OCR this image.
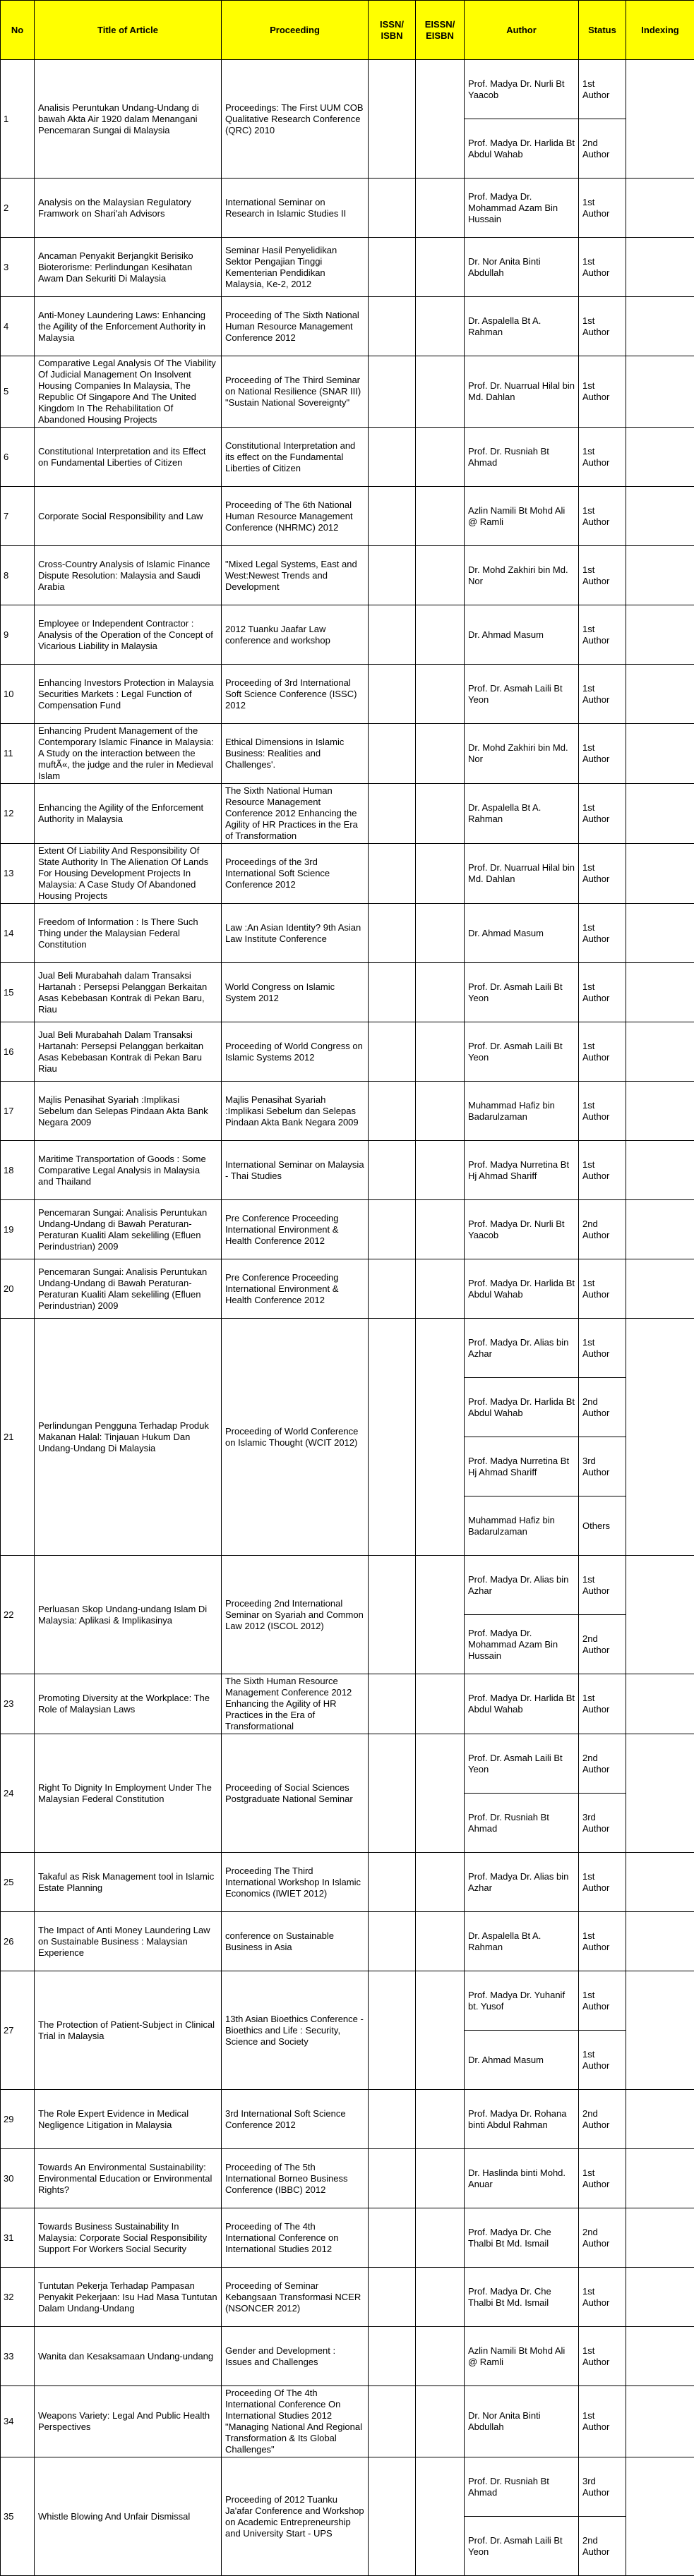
No	Title of Article	Proceeding	ISSN/ ISBN	EISSN/ EISBN	Author	Status	Indexing
1	Analisis Peruntukan Undang-Undang di bawah Akta Air 1920 dalam Menangani Pencemaran Sungai di Malaysia	Proceedings: The First UUM COB Qualitative Research Conference (QRC) 2010			Prof. Madya Dr. Nurli Bt Yaacob	1st Author	
					Prof. Madya Dr. Harlida Bt Abdul Wahab	2nd Author	
2	Analysis on the Malaysian Regulatory Framwork on Shari'ah Advisors	International Seminar on Research in Islamic Studies II			Prof. Madya Dr. Mohammad Azam Bin Hussain	1st Author	
3	Ancaman Penyakit Berjangkit Berisiko Bioterorisme: Perlindungan Kesihatan Awam Dan Sekuriti Di Malaysia	Seminar Hasil Penyelidikan Sektor Pengajian Tinggi Kementerian Pendidikan Malaysia, Ke-2, 2012			Dr. Nor Anita Binti Abdullah	1st Author	
4	Anti-Money Laundering Laws: Enhancing the Agility of the Enforcement Authority in Malaysia	Proceeding of The Sixth National Human Resource Management Conference 2012			Dr. Aspalella Bt A. Rahman	1st Author	
5	Comparative Legal Analysis Of The Viability Of Judicial Management On Insolvent Housing Companies In Malaysia, The Republic Of Singapore And The United Kingdom In The Rehabilitation Of Abandoned Housing Projects	Proceeding of The Third Seminar on National Resilience (SNAR III) "Sustain National Sovereignty"			Prof. Dr. Nuarrual Hilal bin Md. Dahlan	1st Author	
6	Constitutional Interpretation and its Effect on Fundamental Liberties of Citizen	Constitutional Interpretation and its effect on the Fundamental Liberties of Citizen			Prof. Dr. Rusniah Bt Ahmad	1st Author	
7	Corporate Social Responsibility and Law	Proceeding of The 6th National Human Resource Management Conference (NHRMC) 2012			Azlin Namili Bt Mohd Ali @ Ramli	1st Author	
8	Cross-Country Analysis of Islamic Finance Dispute Resolution: Malaysia and Saudi Arabia	"Mixed Legal Systems, East and West:Newest Trends and Development			Dr. Mohd Zakhiri bin Md. Nor	1st Author	
9	Employee or Independent Contractor : Analysis of the Operation of the Concept of Vicarious Liability in Malaysia	2012 Tuanku Jaafar Law conference and workshop			Dr. Ahmad Masum	1st Author	
10	Enhancing Investors Protection in Malaysia Securities Markets : Legal Function of Compensation Fund	Proceeding of 3rd International Soft Science Conference (ISSC) 2012			Prof. Dr. Asmah Laili Bt Yeon	1st Author	
11	Enhancing Prudent Management of the Contemporary Islamic Finance in Malaysia: A Study on the interaction between the muftÃ«, the judge and the ruler in Medieval Islam	Ethical Dimensions in Islamic Business: Realities and Challenges'.			Dr. Mohd Zakhiri bin Md. Nor	1st Author	
12	Enhancing the Agility of the Enforcement Authority in Malaysia	The Sixth National Human Resource Management Conference 2012 Enhancing the Agility of HR Practices in the Era of Transformation			Dr. Aspalella Bt A. Rahman	1st Author	
13	Extent Of Liability And Responsibility Of State Authority In The Alienation Of Lands For Housing Development Projects In Malaysia: A Case Study Of Abandoned Housing Projects	Proceedings of the 3rd International Soft Science Conference 2012			Prof. Dr. Nuarrual Hilal bin Md. Dahlan	1st Author	
14	Freedom of Information : Is There Such Thing under the Malaysian Federal Constitution	Law :An Asian Identity? 9th Asian Law Institute Conference			Dr. Ahmad Masum	1st Author	
15	Jual Beli Murabahah dalam Transaksi Hartanah : Persepsi Pelanggan Berkaitan Asas Kebebasan Kontrak di Pekan Baru, Riau	World Congress on Islamic System 2012			Prof. Dr. Asmah Laili Bt Yeon	1st Author	
16	Jual Beli Murabahah Dalam Transaksi Hartanah: Persepsi Pelanggan berkaitan Asas Kebebasan Kontrak di Pekan Baru Riau	Proceeding of World Congress on Islamic Systems 2012			Prof. Dr. Asmah Laili Bt Yeon	1st Author	
17	Majlis Penasihat Syariah :Implikasi Sebelum dan Selepas Pindaan Akta Bank Negara 2009	Majlis Penasihat Syariah :Implikasi Sebelum dan Selepas Pindaan Akta Bank Negara 2009			Muhammad Hafiz bin Badarulzaman	1st Author	
18	Maritime Transportation of Goods : Some Comparative Legal Analysis in Malaysia and Thailand	International Seminar on Malaysia - Thai Studies			Prof. Madya Nurretina Bt Hj Ahmad Shariff	1st Author	
19	Pencemaran Sungai: Analisis Peruntukan Undang-Undang di Bawah Peraturan-Peraturan Kualiti Alam sekeliling (Efluen Perindustrian) 2009	Pre Conference Proceeding International Environment & Health Conference 2012			Prof. Madya Dr. Nurli Bt Yaacob	2nd Author	
20	Pencemaran Sungai: Analisis Peruntukan Undang-Undang di Bawah Peraturan-Peraturan Kualiti Alam sekeliling (Efluen Perindustrian) 2009	Pre Conference Proceeding International Environment & Health Conference 2012			Prof. Madya Dr. Harlida Bt Abdul Wahab	1st Author	
21	Perlindungan Pengguna Terhadap Produk Makanan Halal: Tinjauan Hukum Dan Undang-Undang Di Malaysia	Proceeding of World Conference on Islamic Thought (WCIT 2012)			Prof. Madya Dr. Alias bin Azhar	1st Author	
					Prof. Madya Dr. Harlida Bt Abdul Wahab	2nd Author	
					Prof. Madya Nurretina Bt Hj Ahmad Shariff	3rd Author	
					Muhammad Hafiz bin Badarulzaman	Others	
22	Perluasan Skop Undang-undang Islam Di Malaysia: Aplikasi & Implikasinya	Proceeding 2nd International Seminar on Syariah and Common Law 2012 (ISCOL 2012)			Prof. Madya Dr. Alias bin Azhar	1st Author	
					Prof. Madya Dr. Mohammad Azam Bin Hussain	2nd Author	
23	Promoting Diversity at the Workplace: The Role of Malaysian Laws	The Sixth Human Resource Management Conference 2012 Enhancing the Agility of HR Practices in the Era of Transformational			Prof. Madya Dr. Harlida Bt Abdul Wahab	1st Author	
24	Right To Dignity In Employment Under The Malaysian Federal Constitution	Proceeding of Social Sciences Postgraduate National Seminar			Prof. Dr. Asmah Laili Bt Yeon	2nd Author	
					Prof. Dr. Rusniah Bt Ahmad	3rd Author	
25	Takaful as Risk Management tool in Islamic Estate Planning	Proceeding The Third International Workshop In Islamic Economics (IWIET 2012)			Prof. Madya Dr. Alias bin Azhar	1st Author	
26	The Impact of Anti Money Laundering Law on Sustainable Business : Malaysian Experience	conference on Sustainable Business in Asia			Dr. Aspalella Bt A. Rahman	1st Author	
27	The Protection of Patient-Subject in Clinical Trial in Malaysia	13th Asian Bioethics Conference - Bioethics and Life : Security, Science and Society			Prof. Madya Dr. Yuhanif bt. Yusof	1st Author	
					Dr. Ahmad Masum	1st Author	
29	The Role Expert Evidence in Medical Negligence Litigation in Malaysia	3rd International Soft Science Conference 2012			Prof. Madya Dr. Rohana binti Abdul Rahman	2nd Author	
30	Towards An Environmental Sustainability: Environmental Education or Environmental Rights?	Proceeding of The 5th International Borneo Business Conference (IBBC) 2012			Dr. Haslinda binti Mohd. Anuar	1st Author	
31	Towards Business Sustainability In Malaysia: Corporate Social Responsibility Support For Workers Social Security	Proceeding of The 4th International Conference on International Studies 2012			Prof. Madya Dr. Che Thalbi Bt Md. Ismail	2nd Author	
32	Tuntutan Pekerja Terhadap Pampasan Penyakit Pekerjaan: Isu Had Masa Tuntutan Dalam Undang-Undang	Proceeding of Seminar Kebangsaan Transformasi NCER (NSONCER 2012)			Prof. Madya Dr. Che Thalbi Bt Md. Ismail	1st Author	
33	Wanita dan Kesaksamaan Undang-undang	Gender and Development : Issues and Challenges			Azlin Namili Bt Mohd Ali @ Ramli	1st Author	
34	Weapons Variety: Legal And Public Health Perspectives	Proceeding Of The 4th International Conference On International Studies 2012 "Managing National And Regional Transformation & Its Global Challenges"			Dr. Nor Anita Binti Abdullah	1st Author	
35	Whistle Blowing And Unfair Dismissal	Proceeding of 2012 Tuanku Ja'afar Conference and Workshop on Academic Entrepreneurship and University Start - UPS			Prof. Dr. Rusniah Bt Ahmad	3rd Author	
					Prof. Dr. Asmah Laili Bt Yeon	2nd Author	
